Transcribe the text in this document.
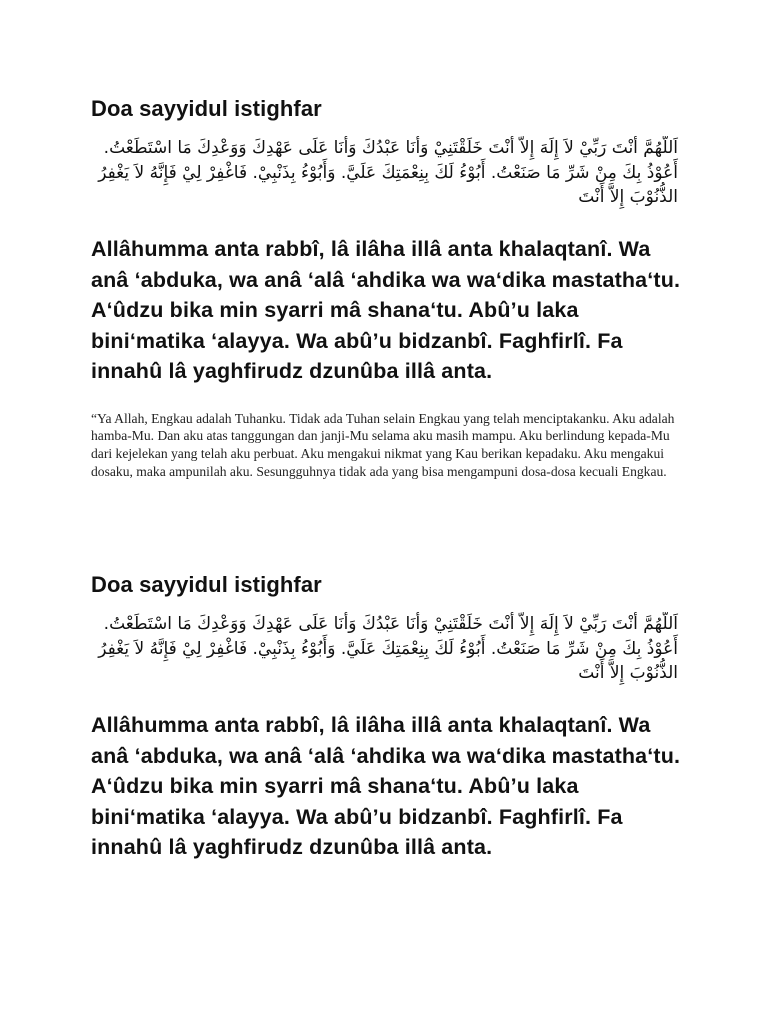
Doa sayyidul istighfar

اَللَّهُمَّ أَنْتَ رَبِّيْ لاَ إِلَهَ إِلاَّ أَنْتَ خَلَقْتَنِيْ وَأَنَا عَبْدُكَ وَأَنَا عَلَى عَهْدِكَ وَوَعْدِكَ مَا اسْتَطَعْتُ. أَعُوْذُ بِكَ مِنْ شَرِّ مَا صَنَعْتُ. أَبُوْءُ لَكَ بِنِعْمَتِكَ عَلَيَّ. وَأَبُوْءُ بِذَنْبِيْ. فَاغْفِرْ لِيْ فَإِنَّهُ لاَ يَغْفِرُ الذُّنُوْبَ إِلاَّ أَنْتَ

Allâhumma anta rabbî, lâ ilâha illâ anta khalaqtanî. Wa anâ ‘abduka, wa anâ ‘alâ ‘ahdika wa wa‘dika mastatha‘tu. A‘ûdzu bika min syarri mâ shana‘tu. Abû’u laka bini‘matika ‘alayya. Wa abû’u bidzanbî. Faghfirlî. Fa innahû lâ yaghfirudz dzunûba illâ anta.

“Ya Allah, Engkau adalah Tuhanku. Tidak ada Tuhan selain Engkau yang telah menciptakanku. Aku adalah hamba-Mu. Dan aku atas tanggungan dan janji-Mu selama aku masih mampu. Aku berlindung kepada-Mu dari kejelekan yang telah aku perbuat. Aku mengakui nikmat yang Kau berikan kepadaku. Aku mengakui dosaku, maka ampunilah aku. Sesungguhnya tidak ada yang bisa mengampuni dosa-dosa kecuali Engkau.

Doa sayyidul istighfar

اَللَّهُمَّ أَنْتَ رَبِّيْ لاَ إِلَهَ إِلاَّ أَنْتَ خَلَقْتَنِيْ وَأَنَا عَبْدُكَ وَأَنَا عَلَى عَهْدِكَ وَوَعْدِكَ مَا اسْتَطَعْتُ. أَعُوْذُ بِكَ مِنْ شَرِّ مَا صَنَعْتُ. أَبُوْءُ لَكَ بِنِعْمَتِكَ عَلَيَّ. وَأَبُوْءُ بِذَنْبِيْ. فَاغْفِرْ لِيْ فَإِنَّهُ لاَ يَغْفِرُ الذُّنُوْبَ إِلاَّ أَنْتَ

Allâhumma anta rabbî, lâ ilâha illâ anta khalaqtanî. Wa anâ ‘abduka, wa anâ ‘alâ ‘ahdika wa wa‘dika mastatha‘tu. A‘ûdzu bika min syarri mâ shana‘tu. Abû’u laka bini‘matika ‘alayya. Wa abû’u bidzanbî. Faghfirlî. Fa innahû lâ yaghfirudz dzunûba illâ anta.
